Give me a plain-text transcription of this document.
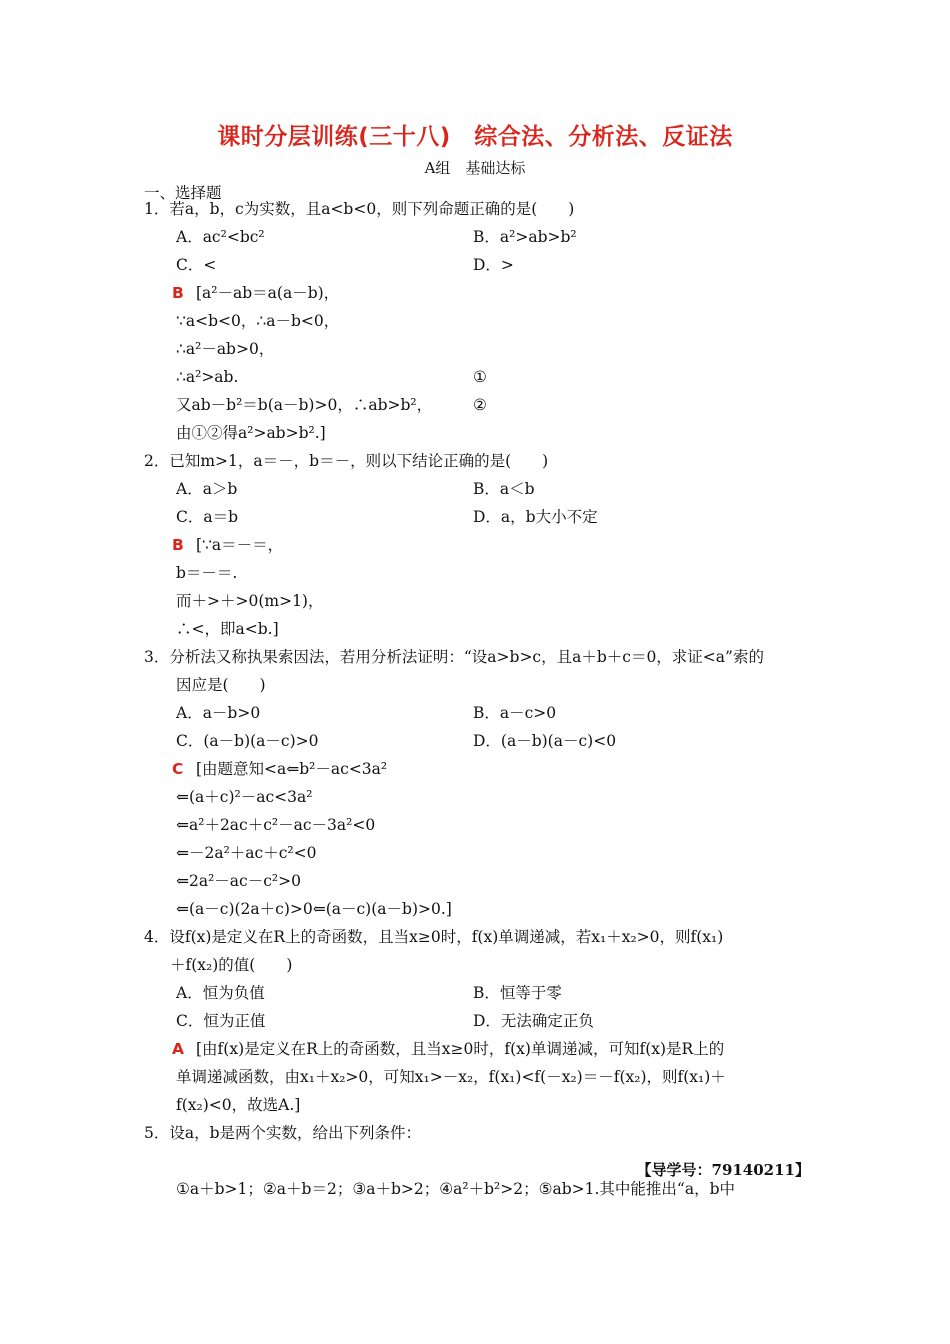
课时分层训练(三十八)　综合法、分析法、反证法
A组　基础达标
一、选择题
1．若a，b，c为实数，且a<b<0，则下列命题正确的是(　　)
A．ac²<bc²	B．a²>ab>b²
C．<	D．>
[a²－ab＝a(a－b)，
∵a<b<0，∴a－b<0，
∴a²－ab>0，
∴a²>ab.	①
又ab－b²＝b(a－b)>0，∴ab>b²，	②
由①②得a²>ab>b².]
2．已知m>1，a＝－，b＝－，则以下结论正确的是(　　)
A．a＞b	B．a＜b
C．a＝b	D．a，b大小不定
[∵a＝－＝，
b＝－＝.
而＋>＋>0(m>1)，
∴<，即a<b.]
3．分析法又称执果索因法，若用分析法证明：“设a>b>c，且a＋b＋c＝0，求证<a”索的
因应是(　　)
A．a－b>0	B．a－c>0
C．(a－b)(a－c)>0	D．(a－b)(a－c)<0
[由题意知<a⇐b²－ac<3a²
⇐(a＋c)²－ac<3a²
⇐a²＋2ac＋c²－ac－3a²<0
⇐－2a²＋ac＋c²<0
⇐2a²－ac－c²>0
⇐(a－c)(2a＋c)>0⇐(a－c)(a－b)>0.]
4．设f(x)是定义在R上的奇函数，且当x≥0时，f(x)单调递减，若x₁＋x₂>0，则f(x₁)
＋f(x₂)的值(　　)
A．恒为负值	B．恒等于零
C．恒为正值	D．无法确定正负
[由f(x)是定义在R上的奇函数，且当x≥0时，f(x)单调递减，可知f(x)是R上的
单调递减函数，由x₁＋x₂>0，可知x₁>－x₂，f(x₁)<f(－x₂)＝－f(x₂)，则f(x₁)＋
f(x₂)<0，故选A.]
5．设a，b是两个实数，给出下列条件：
①a＋b>1；②a＋b＝2；③a＋b>2；④a²＋b²>2；⑤ab>1.其中能推出“a，b中
B
B
C
A
【导学号：79140211】
